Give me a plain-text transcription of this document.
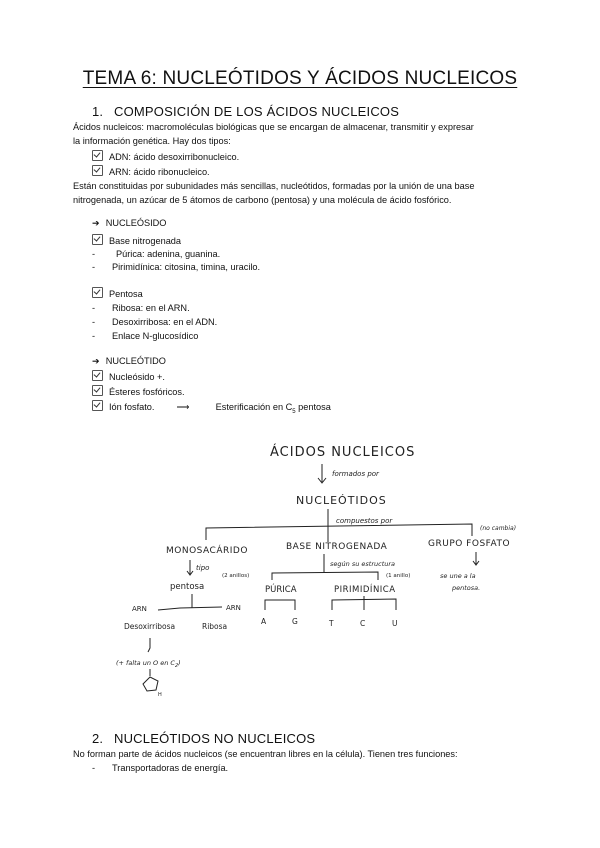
TEMA 6: NUCLEÓTIDOS Y ÁCIDOS NUCLEICOS
1. COMPOSICIÓN DE LOS ÁCIDOS NUCLEICOS
Ácidos nucleicos: macromoléculas biológicas que se encargan de almacenar, transmitir y expresar
la información genética. Hay dos tipos:
ADN: ácido desoxirribonucleico.
ARN: ácido ribonucleico.
Están constituidas por subunidades más sencillas, nucleótidos, formadas por la unión de una base
nitrogenada, un azúcar de 5 átomos de carbono (pentosa) y una molécula de ácido fosfórico.
➔ NUCLEÓSIDO
Base nitrogenada
- Púrica: adenina, guanina.
- Pirimidínica: citosina, timina, uracilo.
Pentosa
- Ribosa: en el ARN.
- Desoxirribosa: en el ADN.
- Enlace N-glucosídico
➔ NUCLEÓTIDO
Nucleósido +.
Ésteres fosfóricos.
Ión fosfato. ⟶	Esterificación en $C_5$ pentosa
ÁCIDOS NUCLEICOS
formados por
NUCLEÓTIDOS
compuestos por
(no cambia)
MONOSACÁRIDO
tipo
pentosa
ARN	ARN
Desoxirribosa	Ribosa
(+ falta un O en $C_2$)
H
BASE NITROGENADA
según su estructura
(2 anillos)	(1 anillo)
PÚRICA	PIRIMIDÍNICA
A	G	T	C	U
GRUPO FOSFATO
se une a la
pentosa.
2. NUCLEÓTIDOS NO NUCLEICOS
No forman parte de ácidos nucleicos (se encuentran libres en la célula). Tienen tres funciones:
- Transportadoras de energía.
